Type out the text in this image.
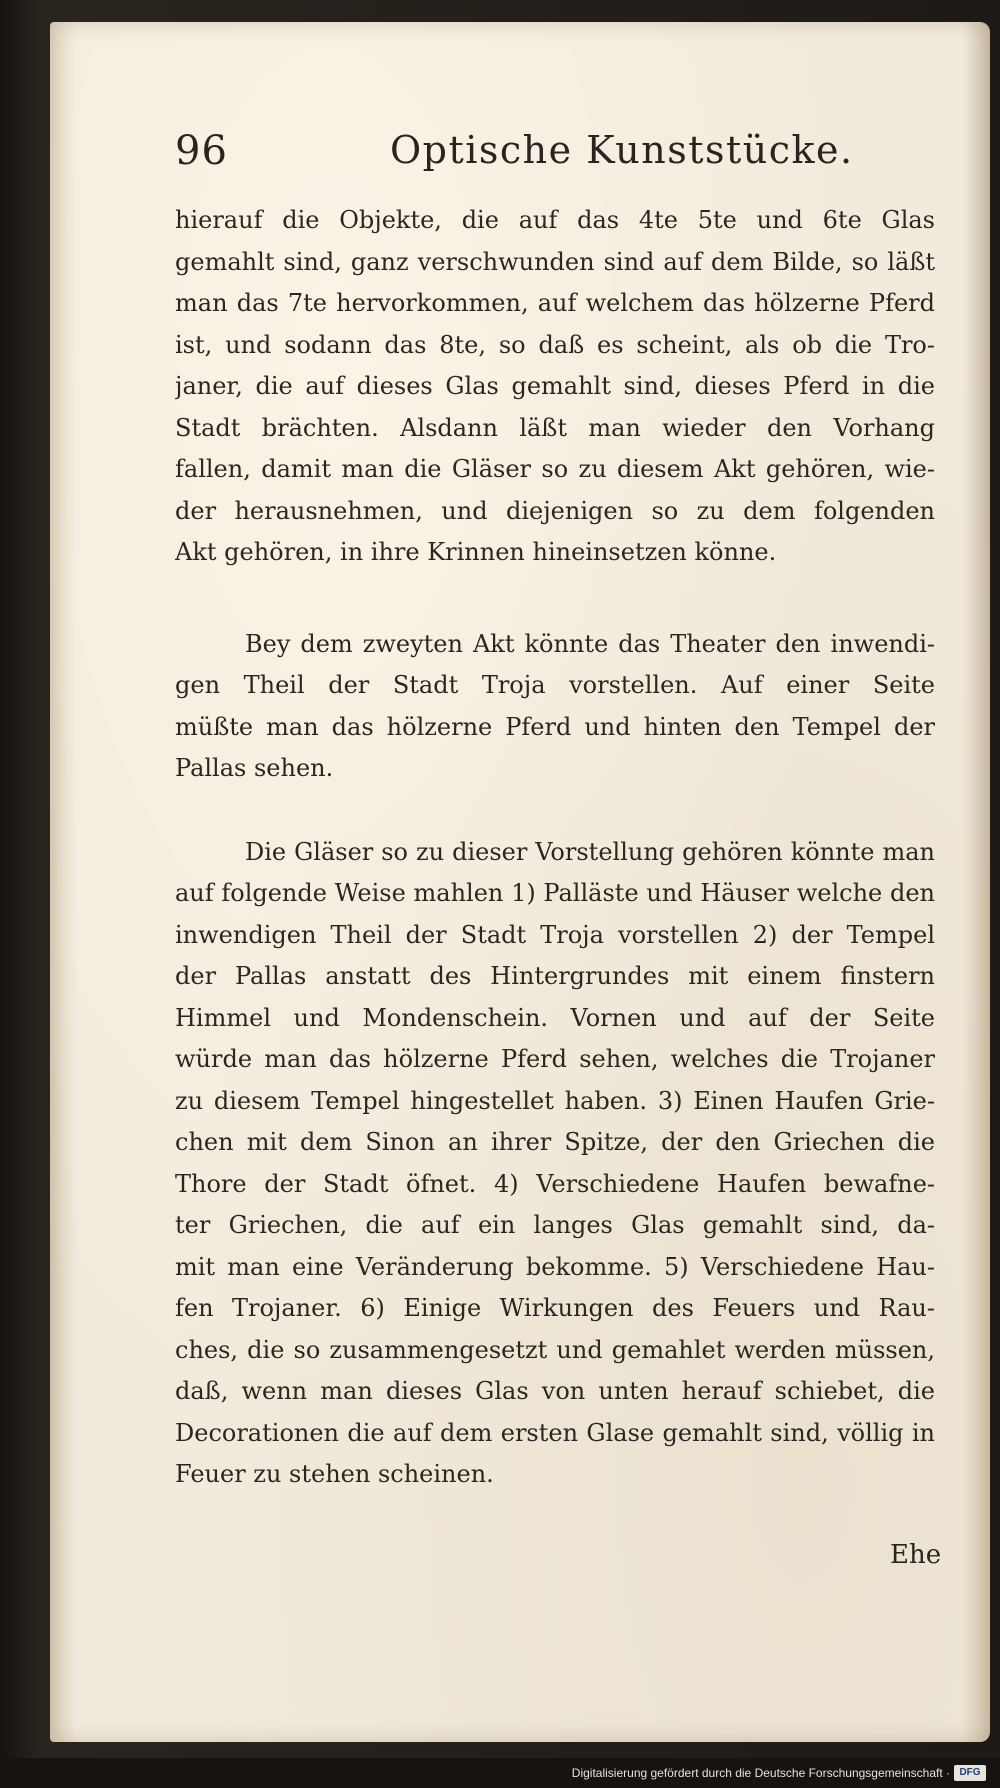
96	Optische Kunststücke.
hierauf die Objekte, die auf das 4te 5te und 6te Glas
gemahlt sind, ganz verschwunden sind auf dem Bilde, so läßt
man das 7te hervorkommen, auf welchem das hölzerne Pferd
ist, und sodann das 8te, so daß es scheint, als ob die Tro-
janer, die auf dieses Glas gemahlt sind, dieses Pferd in die
Stadt brächten. Alsdann läßt man wieder den Vorhang
fallen, damit man die Gläser so zu diesem Akt gehören, wie-
der herausnehmen, und diejenigen so zu dem folgenden
Akt gehören, in ihre Krinnen hineinsetzen könne.
Bey dem zweyten Akt könnte das Theater den inwendi-
gen Theil der Stadt Troja vorstellen. Auf einer Seite
müßte man das hölzerne Pferd und hinten den Tempel der
Pallas sehen.
Die Gläser so zu dieser Vorstellung gehören könnte man
auf folgende Weise mahlen 1) Palläste und Häuser welche den
inwendigen Theil der Stadt Troja vorstellen 2) der Tempel
der Pallas anstatt des Hintergrundes mit einem finstern
Himmel und Mondenschein. Vornen und auf der Seite
würde man das hölzerne Pferd sehen, welches die Trojaner
zu diesem Tempel hingestellet haben. 3) Einen Haufen Grie-
chen mit dem Sinon an ihrer Spitze, der den Griechen die
Thore der Stadt öfnet. 4) Verschiedene Haufen bewafne-
ter Griechen, die auf ein langes Glas gemahlt sind, da-
mit man eine Veränderung bekomme. 5) Verschiedene Hau-
fen Trojaner. 6) Einige Wirkungen des Feuers und Rau-
ches, die so zusammengesetzt und gemahlet werden müssen,
daß, wenn man dieses Glas von unten herauf schiebet, die
Decorationen die auf dem ersten Glase gemahlt sind, völlig in
Feuer zu stehen scheinen.
Ehe
Digitalisierung gefördert durch die Deutsche Forschungsgemeinschaft · DFG
